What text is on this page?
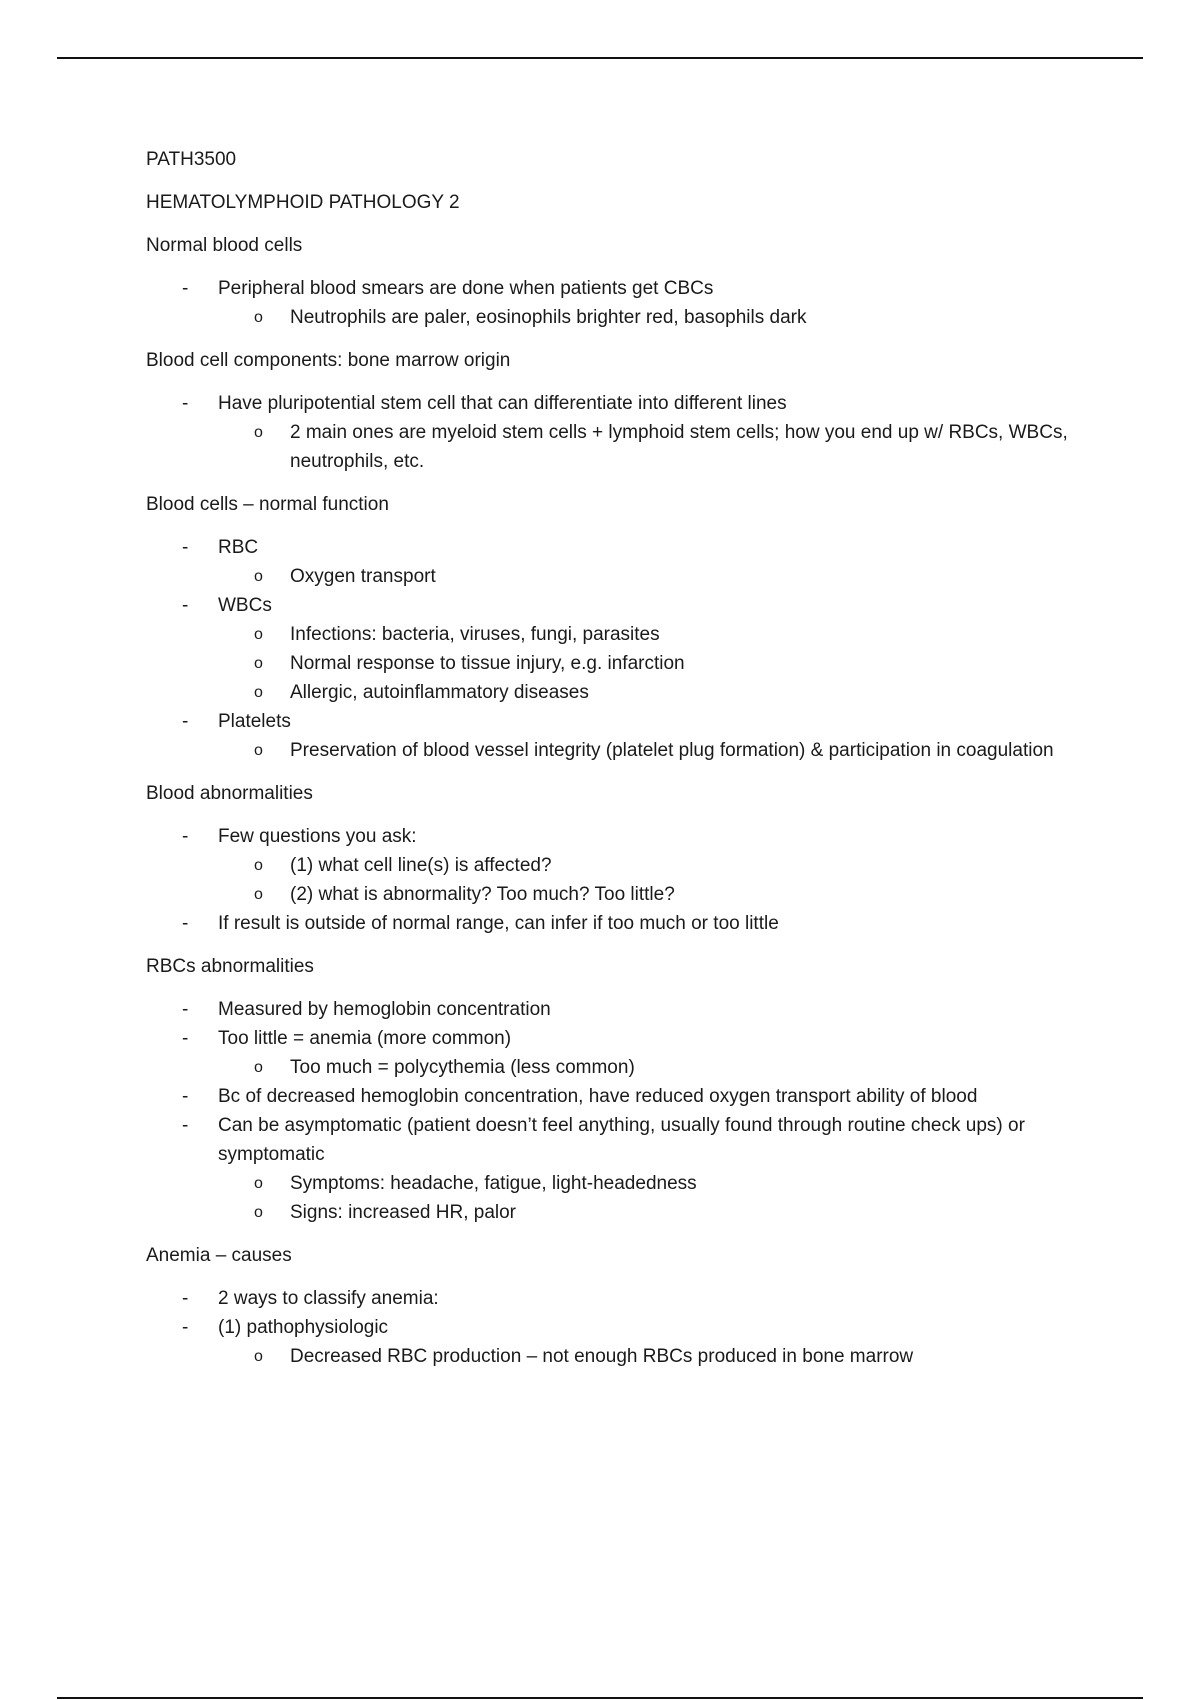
PATH3500

HEMATOLYMPHOID PATHOLOGY 2

Normal blood cells

- Peripheral blood smears are done when patients get CBCs
o Neutrophils are paler, eosinophils brighter red, basophils dark

Blood cell components: bone marrow origin

- Have pluripotential stem cell that can differentiate into different lines
o 2 main ones are myeloid stem cells + lymphoid stem cells; how you end up w/ RBCs, WBCs, neutrophils, etc.

Blood cells – normal function

- RBC
o Oxygen transport
- WBCs
o Infections: bacteria, viruses, fungi, parasites
o Normal response to tissue injury, e.g. infarction
o Allergic, autoinflammatory diseases
- Platelets
o Preservation of blood vessel integrity (platelet plug formation) & participation in coagulation

Blood abnormalities

- Few questions you ask:
o (1) what cell line(s) is affected?
o (2) what is abnormality? Too much? Too little?
- If result is outside of normal range, can infer if too much or too little

RBCs abnormalities

- Measured by hemoglobin concentration
- Too little = anemia (more common)
o Too much = polycythemia (less common)
- Bc of decreased hemoglobin concentration, have reduced oxygen transport ability of blood
- Can be asymptomatic (patient doesn’t feel anything, usually found through routine check ups) or symptomatic
o Symptoms: headache, fatigue, light-headedness
o Signs: increased HR, palor

Anemia – causes

- 2 ways to classify anemia:
- (1) pathophysiologic
o Decreased RBC production – not enough RBCs produced in bone marrow
